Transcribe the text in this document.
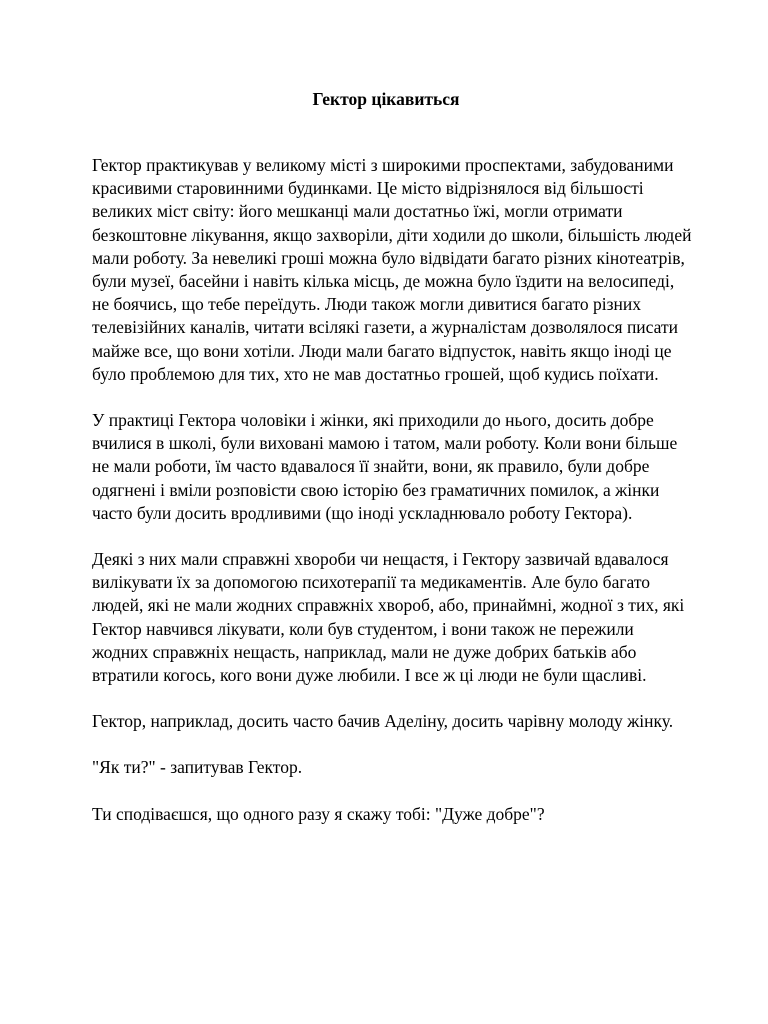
Гектор цікавиться

Гектор практикував у великому місті з широкими проспектами, забудованими красивими старовинними будинками. Це місто відрізнялося від більшості великих міст світу: його мешканці мали достатньо їжі, могли отримати безкоштовне лікування, якщо захворіли, діти ходили до школи, більшість людей мали роботу. За невеликі гроші можна було відвідати багато різних кінотеатрів, були музеї, басейни і навіть кілька місць, де можна було їздити на велосипеді, не боячись, що тебе переїдуть. Люди також могли дивитися багато різних телевізійних каналів, читати всілякі газети, а журналістам дозволялося писати майже все, що вони хотіли. Люди мали багато відпусток, навіть якщо іноді це було проблемою для тих, хто не мав достатньо грошей, щоб кудись поїхати.

У практиці Гектора чоловіки і жінки, які приходили до нього, досить добре вчилися в школі, були виховані мамою і татом, мали роботу. Коли вони більше не мали роботи, їм часто вдавалося її знайти, вони, як правило, були добре одягнені і вміли розповісти свою історію без граматичних помилок, а жінки часто були досить вродливими (що іноді ускладнювало роботу Гектора).

Деякі з них мали справжні хвороби чи нещастя, і Гектору зазвичай вдавалося вилікувати їх за допомогою психотерапії та медикаментів. Але було багато людей, які не мали жодних справжніх хвороб, або, принаймні, жодної з тих, які Гектор навчився лікувати, коли був студентом, і вони також не пережили жодних справжніх нещасть, наприклад, мали не дуже добрих батьків або втратили когось, кого вони дуже любили. І все ж ці люди не були щасливі.

Гектор, наприклад, досить часто бачив Аделіну, досить чарівну молоду жінку.

"Як ти?" - запитував Гектор.

Ти сподіваєшся, що одного разу я скажу тобі: "Дуже добре"?
